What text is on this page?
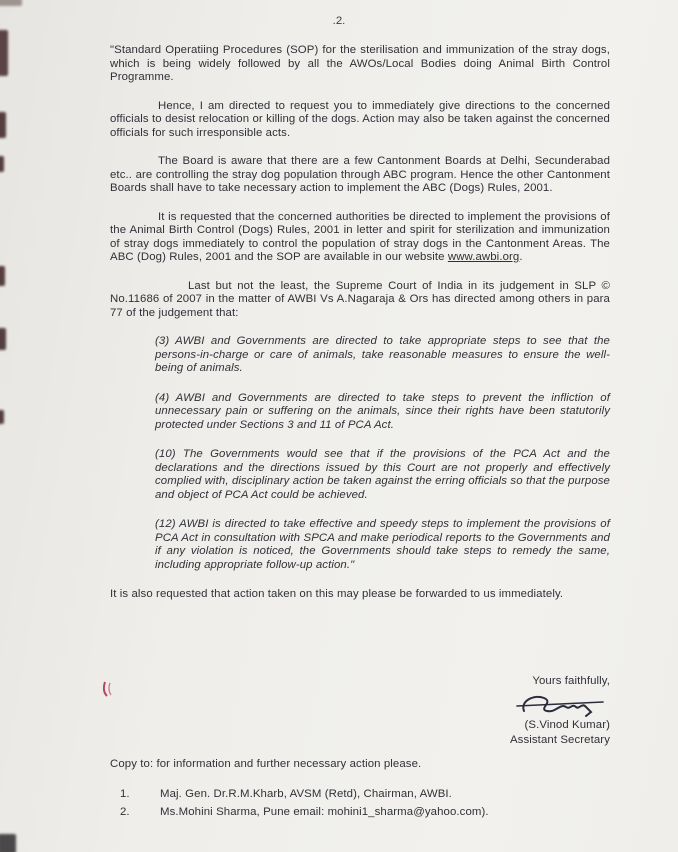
.2.

"Standard Operatiing Procedures (SOP) for the sterilisation and immunization of the stray dogs, which is being widely followed by all the AWOs/Local Bodies doing Animal Birth Control Programme.

Hence, I am directed to request you to immediately give directions to the concerned officials to desist relocation or killing of the dogs. Action may also be taken against the concerned officials for such irresponsible acts.

The Board is aware that there are a few Cantonment Boards at Delhi, Secunderabad etc.. are controlling the stray dog population through ABC program. Hence the other Cantonment Boards shall have to take necessary action to implement the ABC (Dogs) Rules, 2001.

It is requested that the concerned authorities be directed to implement the provisions of the Animal Birth Control (Dogs) Rules, 2001 in letter and spirit for sterilization and immunization of stray dogs immediately to control the population of stray dogs in the Cantonment Areas. The ABC (Dog) Rules, 2001 and the SOP are available in our website www.awbi.org.

Last but not the least, the Supreme Court of India in its judgement in SLP © No.11686 of 2007 in the matter of AWBI Vs A.Nagaraja & Ors has directed among others in para 77 of the judgement that:

(3) AWBI and Governments are directed to take appropriate steps to see that the persons-in-charge or care of animals, take reasonable measures to ensure the well-being of animals.

(4) AWBI and Governments are directed to take steps to prevent the infliction of unnecessary pain or suffering on the animals, since their rights have been statutorily protected under Sections 3 and 11 of PCA Act.

(10) The Governments would see that if the provisions of the PCA Act and the declarations and the directions issued by this Court are not properly and effectively complied with, disciplinary action be taken against the erring officials so that the purpose and object of PCA Act could be achieved.

(12) AWBI is directed to take effective and speedy steps to implement the provisions of PCA Act in consultation with SPCA and make periodical reports to the Governments and if any violation is noticed, the Governments should take steps to remedy the same, including appropriate follow-up action."

It is also requested that action taken on this may please be forwarded to us immediately.

Yours faithfully,
(S.Vinod Kumar)
Assistant Secretary

Copy to: for information and further necessary action please.

1.	Maj. Gen. Dr.R.M.Kharb, AVSM (Retd), Chairman, AWBI.
2.	Ms.Mohini Sharma, Pune email: mohini1_sharma@yahoo.com).
